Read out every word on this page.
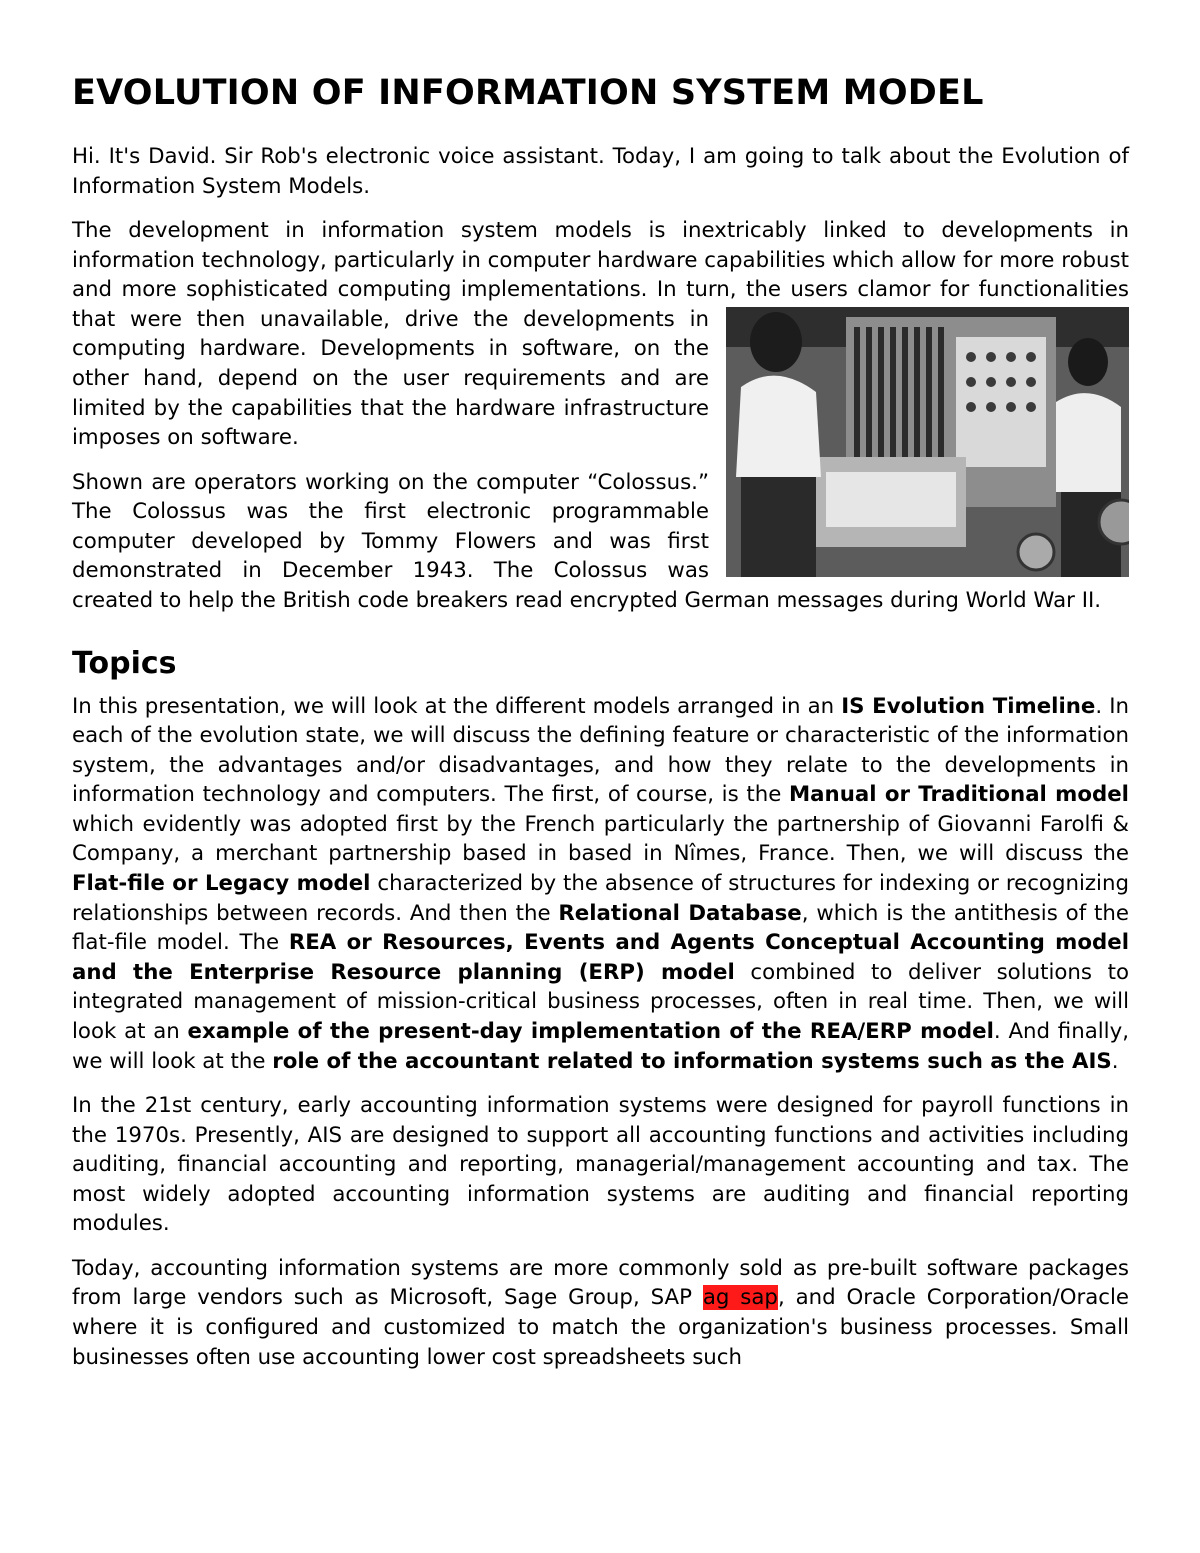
EVOLUTION OF INFORMATION SYSTEM MODEL

Hi. It's David. Sir Rob's electronic voice assistant. Today, I am going to talk about the Evolution of Information System Models.

The development in information system models is inextricably linked to developments in information technology, particularly in computer hardware capabilities which allow for more robust and more sophisticated computing implementations. In turn, the users clamor for functionalities that were then unavailable, drive the developments in computing hardware. Developments in software, on the other hand, depend on the user requirements and are limited by the capabilities that the hardware infrastructure imposes on software.

Shown are operators working on the computer “Colossus.” The Colossus was the first electronic programmable computer developed by Tommy Flowers and was first demonstrated in December 1943. The Colossus was created to help the British code breakers read encrypted German messages during World War II.

Topics

In this presentation, we will look at the different models arranged in an IS Evolution Timeline. In each of the evolution state, we will discuss the defining feature or characteristic of the information system, the advantages and/or disadvantages, and how they relate to the developments in information technology and computers. The first, of course, is the Manual or Traditional model which evidently was adopted first by the French particularly the partnership of Giovanni Farolfi & Company, a merchant partnership based in based in Nîmes, France. Then, we will discuss the Flat-file or Legacy model characterized by the absence of structures for indexing or recognizing relationships between records. And then the Relational Database, which is the antithesis of the flat-file model. The REA or Resources, Events and Agents Conceptual Accounting model and the Enterprise Resource planning (ERP) model combined to deliver solutions to integrated management of mission-critical business processes, often in real time. Then, we will look at an example of the present-day implementation of the REA/ERP model. And finally, we will look at the role of the accountant related to information systems such as the AIS.

In the 21st century, early accounting information systems were designed for payroll functions in the 1970s. Presently, AIS are designed to support all accounting functions and activities including auditing, financial accounting and reporting, managerial/management accounting and tax. The most widely adopted accounting information systems are auditing and financial reporting modules.

Today, accounting information systems are more commonly sold as pre-built software packages from large vendors such as Microsoft, Sage Group, SAP ag sap, and Oracle Corporation/Oracle where it is configured and customized to match the organization's business processes. Small businesses often use accounting lower cost spreadsheets such
